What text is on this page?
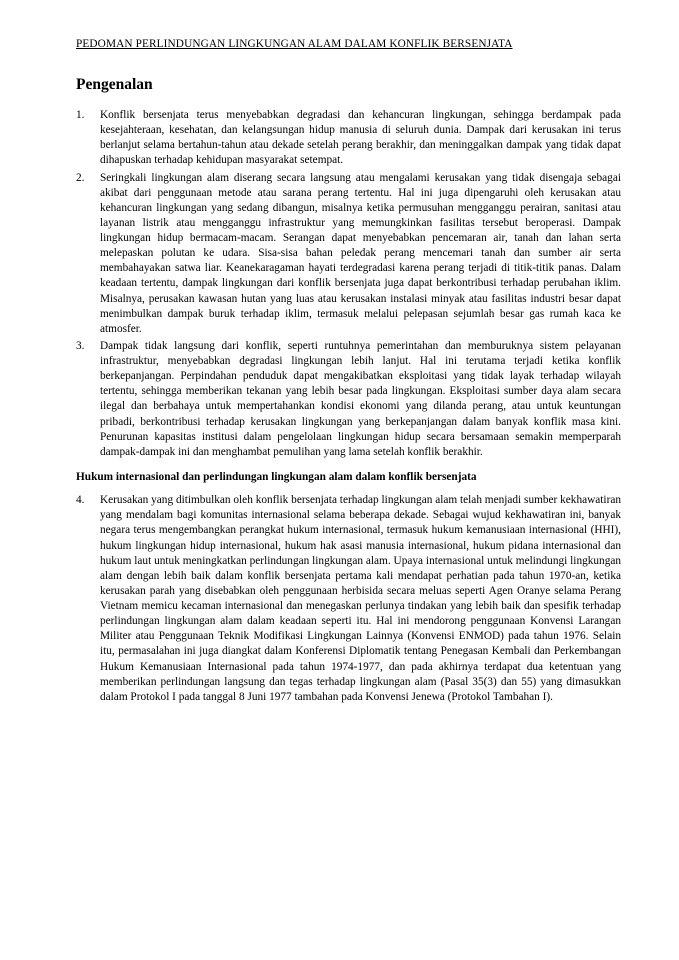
PEDOMAN PERLINDUNGAN LINGKUNGAN ALAM DALAM KONFLIK BERSENJATA
Pengenalan
1.	Konflik bersenjata terus menyebabkan degradasi dan kehancuran lingkungan, sehingga berdampak pada kesejahteraan, kesehatan, dan kelangsungan hidup manusia di seluruh dunia. Dampak dari kerusakan ini terus berlanjut selama bertahun-tahun atau dekade setelah perang berakhir, dan meninggalkan dampak yang tidak dapat dihapuskan terhadap kehidupan masyarakat setempat.
2.	Seringkali lingkungan alam diserang secara langsung atau mengalami kerusakan yang tidak disengaja sebagai akibat dari penggunaan metode atau sarana perang tertentu. Hal ini juga dipengaruhi oleh kerusakan atau kehancuran lingkungan yang sedang dibangun, misalnya ketika permusuhan mengganggu perairan, sanitasi atau layanan listrik atau mengganggu infrastruktur yang memungkinkan fasilitas tersebut beroperasi. Dampak lingkungan hidup bermacam-macam. Serangan dapat menyebabkan pencemaran air, tanah dan lahan serta melepaskan polutan ke udara. Sisa-sisa bahan peledak perang mencemari tanah dan sumber air serta membahayakan satwa liar. Keanekaragaman hayati terdegradasi karena perang terjadi di titik-titik panas. Dalam keadaan tertentu, dampak lingkungan dari konflik bersenjata juga dapat berkontribusi terhadap perubahan iklim. Misalnya, perusakan kawasan hutan yang luas atau kerusakan instalasi minyak atau fasilitas industri besar dapat menimbulkan dampak buruk terhadap iklim, termasuk melalui pelepasan sejumlah besar gas rumah kaca ke atmosfer.
3.	Dampak tidak langsung dari konflik, seperti runtuhnya pemerintahan dan memburuknya sistem pelayanan infrastruktur, menyebabkan degradasi lingkungan lebih lanjut. Hal ini terutama terjadi ketika konflik berkepanjangan. Perpindahan penduduk dapat mengakibatkan eksploitasi yang tidak layak terhadap wilayah tertentu, sehingga memberikan tekanan yang lebih besar pada lingkungan. Eksploitasi sumber daya alam secara ilegal dan berbahaya untuk mempertahankan kondisi ekonomi yang dilanda perang, atau untuk keuntungan pribadi, berkontribusi terhadap kerusakan lingkungan yang berkepanjangan dalam banyak konflik masa kini. Penurunan kapasitas institusi dalam pengelolaan lingkungan hidup secara bersamaan semakin memperparah dampak-dampak ini dan menghambat pemulihan yang lama setelah konflik berakhir.
Hukum internasional dan perlindungan lingkungan alam dalam konflik bersenjata
4.	Kerusakan yang ditimbulkan oleh konflik bersenjata terhadap lingkungan alam telah menjadi sumber kekhawatiran yang mendalam bagi komunitas internasional selama beberapa dekade. Sebagai wujud kekhawatiran ini, banyak negara terus mengembangkan perangkat hukum internasional, termasuk hukum kemanusiaan internasional (HHI), hukum lingkungan hidup internasional, hukum hak asasi manusia internasional, hukum pidana internasional dan hukum laut untuk meningkatkan perlindungan lingkungan alam. Upaya internasional untuk melindungi lingkungan alam dengan lebih baik dalam konflik bersenjata pertama kali mendapat perhatian pada tahun 1970-an, ketika kerusakan parah yang disebabkan oleh penggunaan herbisida secara meluas seperti Agen Oranye selama Perang Vietnam memicu kecaman internasional dan menegaskan perlunya tindakan yang lebih baik dan spesifik terhadap perlindungan lingkungan alam dalam keadaan seperti itu. Hal ini mendorong penggunaan Konvensi Larangan Militer atau Penggunaan Teknik Modifikasi Lingkungan Lainnya (Konvensi ENMOD) pada tahun 1976. Selain itu, permasalahan ini juga diangkat dalam Konferensi Diplomatik tentang Penegasan Kembali dan Perkembangan Hukum Kemanusiaan Internasional pada tahun 1974-1977, dan pada akhirnya terdapat dua ketentuan yang memberikan perlindungan langsung dan tegas terhadap lingkungan alam (Pasal 35(3) dan 55) yang dimasukkan dalam Protokol I pada tanggal 8 Juni 1977 tambahan pada Konvensi Jenewa (Protokol Tambahan I).
